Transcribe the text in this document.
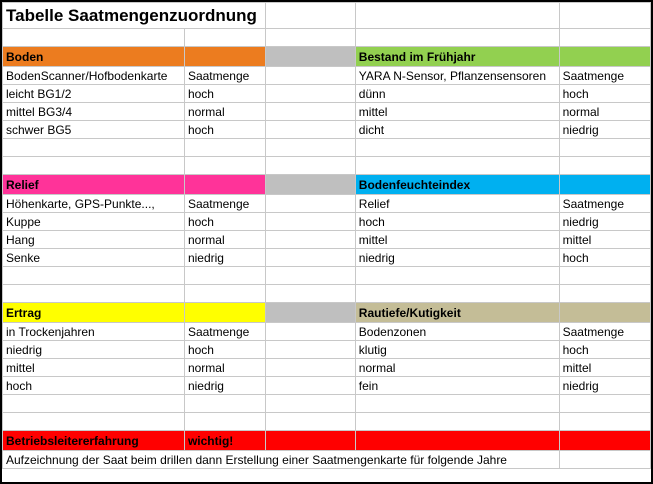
Tabelle Saatmengenzuordnung				

Boden			Bestand im Frühjahr	
BodenScanner/Hofbodenkarte	Saatmenge		YARA N-Sensor, Pflanzensensoren	Saatmenge
leicht BG1/2	hoch		dünn	hoch
mittel BG3/4	normal		mittel	normal
schwer BG5	hoch		dicht	niedrig

Relief			Bodenfeuchteindex	
Höhenkarte, GPS-Punkte...,	Saatmenge		Relief	Saatmenge
Kuppe	hoch		hoch	niedrig
Hang	normal		mittel	mittel
Senke	niedrig		niedrig	hoch

Ertrag			Rautiefe/Kutigkeit	
in Trockenjahren	Saatmenge		Bodenzonen	Saatmenge
niedrig	hoch		klutig	hoch
mittel	normal		normal	mittel
hoch	niedrig		fein	niedrig

Betriebsleitererfahrung	wichtig!			
Aufzeichnung der Saat beim drillen dann Erstellung einer Saatmengenkarte für folgende Jahre				
